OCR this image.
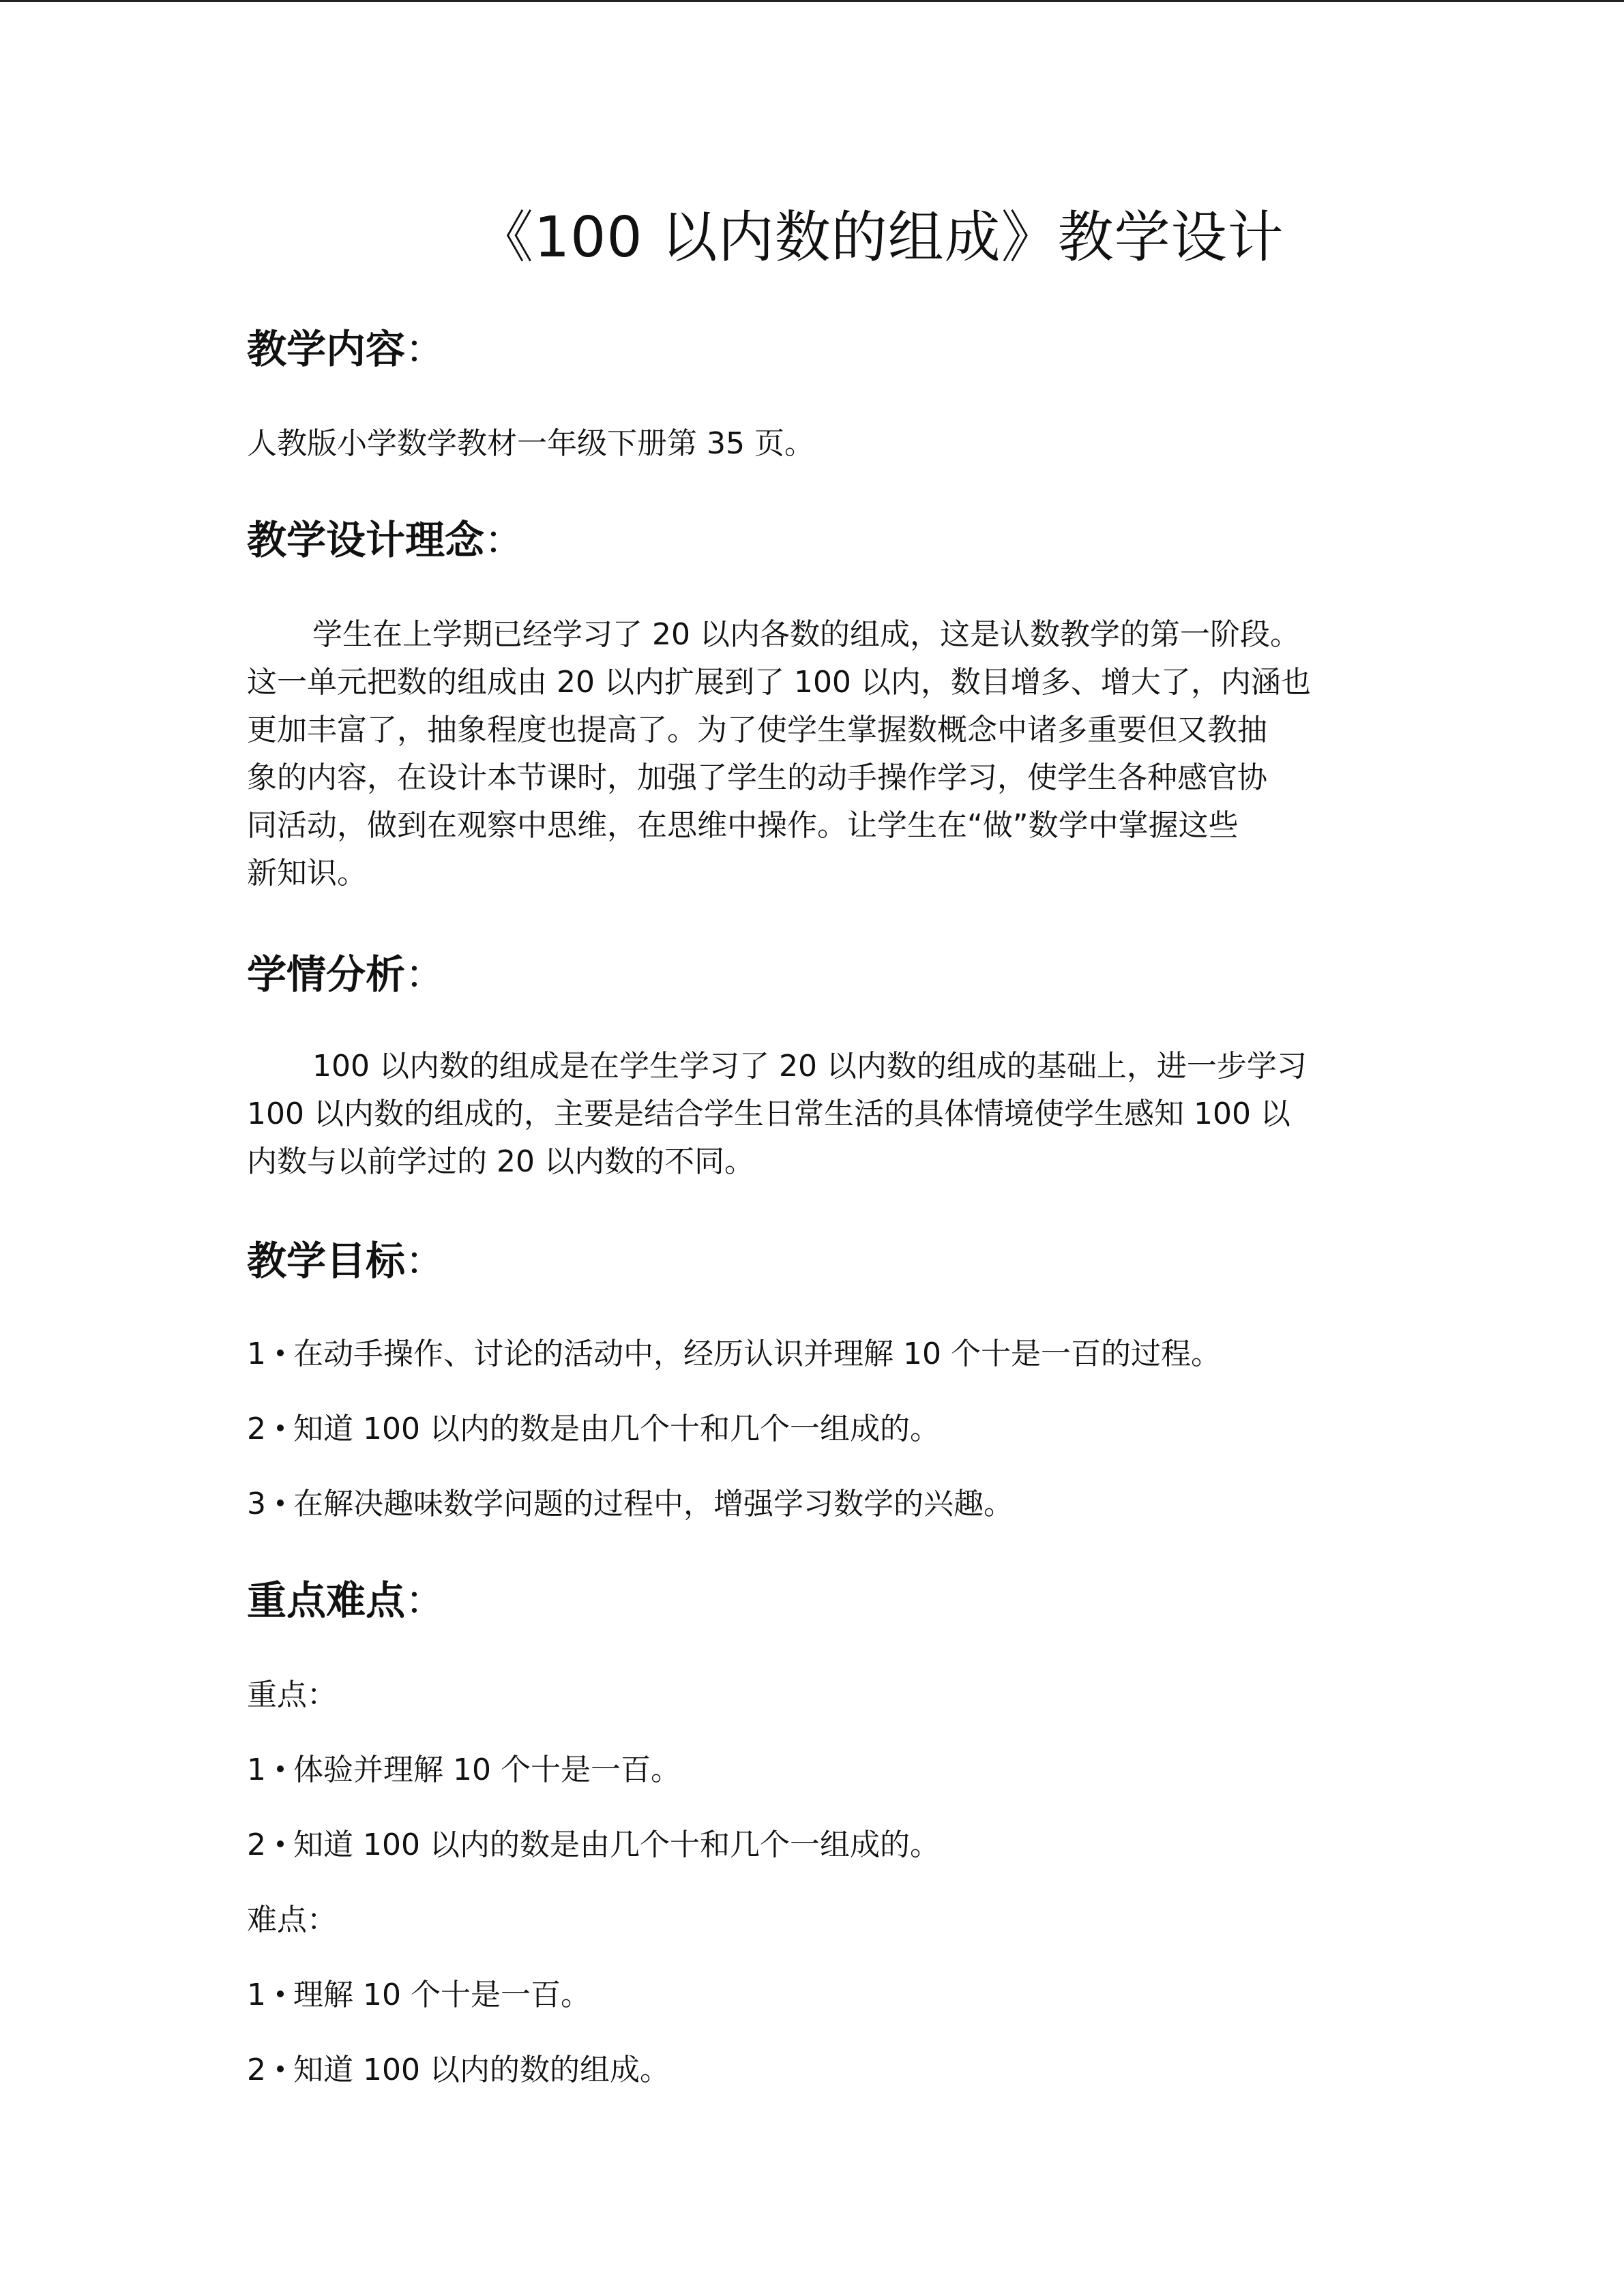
《100 以内数的组成》教学设计
教学内容：

人教版小学数学教材一年级下册第 35 页。

教学设计理念：

学生在上学期已经学习了 20 以内各数的组成，这是认数教学的第一阶段。

这一单元把数的组成由 20 以内扩展到了 100 以内，数目增多、增大了，内涵也

更加丰富了，抽象程度也提高了。为了使学生掌握数概念中诸多重要但又教抽

象的内容，在设计本节课时，加强了学生的动手操作学习，使学生各种感官协

同活动，做到在观察中思维，在思维中操作。让学生在“做”数学中掌握这些

新知识。

学情分析：

100 以内数的组成是在学生学习了 20 以内数的组成的基础上，进一步学习

100 以内数的组成的，主要是结合学生日常生活的具体情境使学生感知 100 以

内数与以前学过的 20 以内数的不同。

教学目标：

1 在动手操作、讨论的活动中，经历认识并理解 10 个十是一百的过程。

2 知道 100 以内的数是由几个十和几个一组成的。

3 在解决趣味数学问题的过程中，增强学习数学的兴趣。

重点难点：

重点：

1 体验并理解 10 个十是一百。

2 知道 100 以内的数是由几个十和几个一组成的。

难点：

1 理解 10 个十是一百。

2 知道 100 以内的数的组成。
